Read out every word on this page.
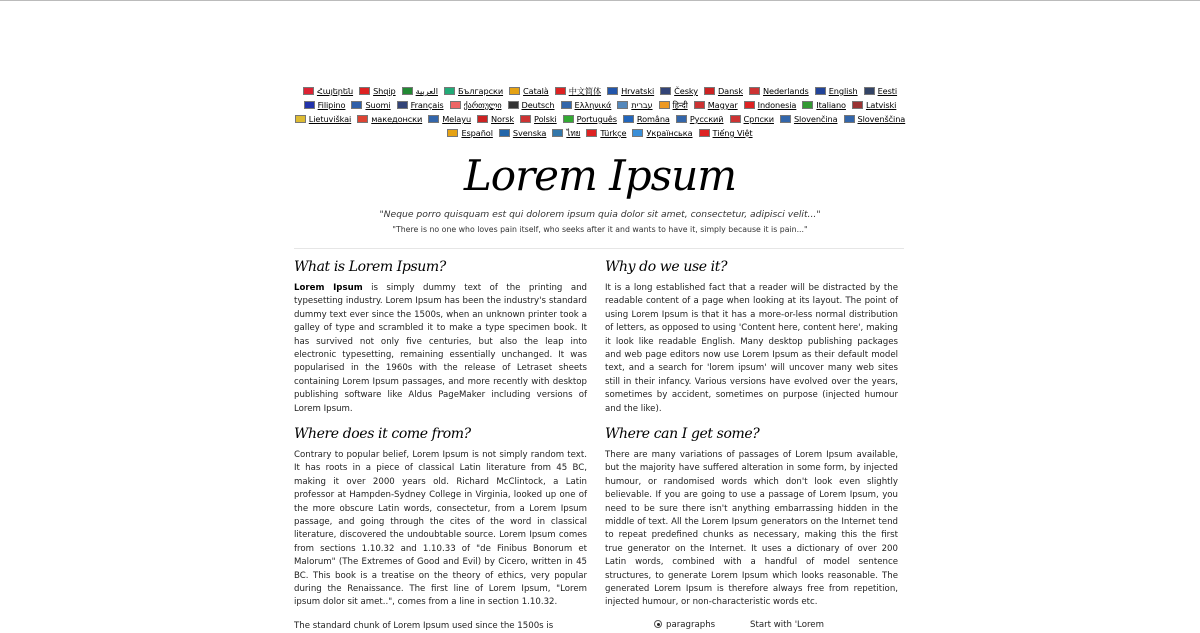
Հայերեն Shqip ‫العربية Български Català 中文简体 Hrvatski Česky Dansk Nederlands English EestiFilipino Suomi Français ქართული Deutsch Ελληνικά ‫עברית हिन्दी Magyar Indonesia Italiano LatviskiLietuviškai македонски Melayu Norsk Polski Português Româna Pyccкий Српски Slovenčina SlovenščinaEspañol Svenska ไทย Türkçe Українська Tiếng Việt
Lorem Ipsum
"Neque porro quisquam est qui dolorem ipsum quia dolor sit amet, consectetur, adipisci velit..."
"There is no one who loves pain itself, who seeks after it and wants to have it, simply because it is pain..."
What is Lorem Ipsum?

Lorem Ipsum is simply dummy text of the printing and typesetting industry. Lorem Ipsum has been the industry's standard dummy text ever since the 1500s, when an unknown printer took a galley of type and scrambled it to make a type specimen book. It has survived not only five centuries, but also the leap into electronic typesetting, remaining essentially unchanged. It was popularised in the 1960s with the release of Letraset sheets containing Lorem Ipsum passages, and more recently with desktop publishing software like Aldus PageMaker including versions of Lorem Ipsum.

Why do we use it?

It is a long established fact that a reader will be distracted by the readable content of a page when looking at its layout. The point of using Lorem Ipsum is that it has a more-or-less normal distribution of letters, as opposed to using 'Content here, content here', making it look like readable English. Many desktop publishing packages and web page editors now use Lorem Ipsum as their default model text, and a search for 'lorem ipsum' will uncover many web sites still in their infancy. Various versions have evolved over the years, sometimes by accident, sometimes on purpose (injected humour and the like).

Where does it come from?

Contrary to popular belief, Lorem Ipsum is not simply random text. It has roots in a piece of classical Latin literature from 45 BC, making it over 2000 years old. Richard McClintock, a Latin professor at Hampden-Sydney College in Virginia, looked up one of the more obscure Latin words, consectetur, from a Lorem Ipsum passage, and going through the cites of the word in classical literature, discovered the undoubtable source. Lorem Ipsum comes from sections 1.10.32 and 1.10.33 of "de Finibus Bonorum et Malorum" (The Extremes of Good and Evil) by Cicero, written in 45 BC. This book is a treatise on the theory of ethics, very popular during the Renaissance. The first line of Lorem Ipsum, "Lorem ipsum dolor sit amet..", comes from a line in section 1.10.32.

Where can I get some?

There are many variations of passages of Lorem Ipsum available, but the majority have suffered alteration in some form, by injected humour, or randomised words which don't look even slightly believable. If you are going to use a passage of Lorem Ipsum, you need to be sure there isn't anything embarrassing hidden in the middle of text. All the Lorem Ipsum generators on the Internet tend to repeat predefined chunks as necessary, making this the first true generator on the Internet. It uses a dictionary of over 200 Latin words, combined with a handful of model sentence structures, to generate Lorem Ipsum which looks reasonable. The generated Lorem Ipsum is therefore always free from repetition, injected humour, or non-characteristic words etc.

The standard chunk of Lorem Ipsum used since the 1500s is	paragraphs	Start with 'Lorem
